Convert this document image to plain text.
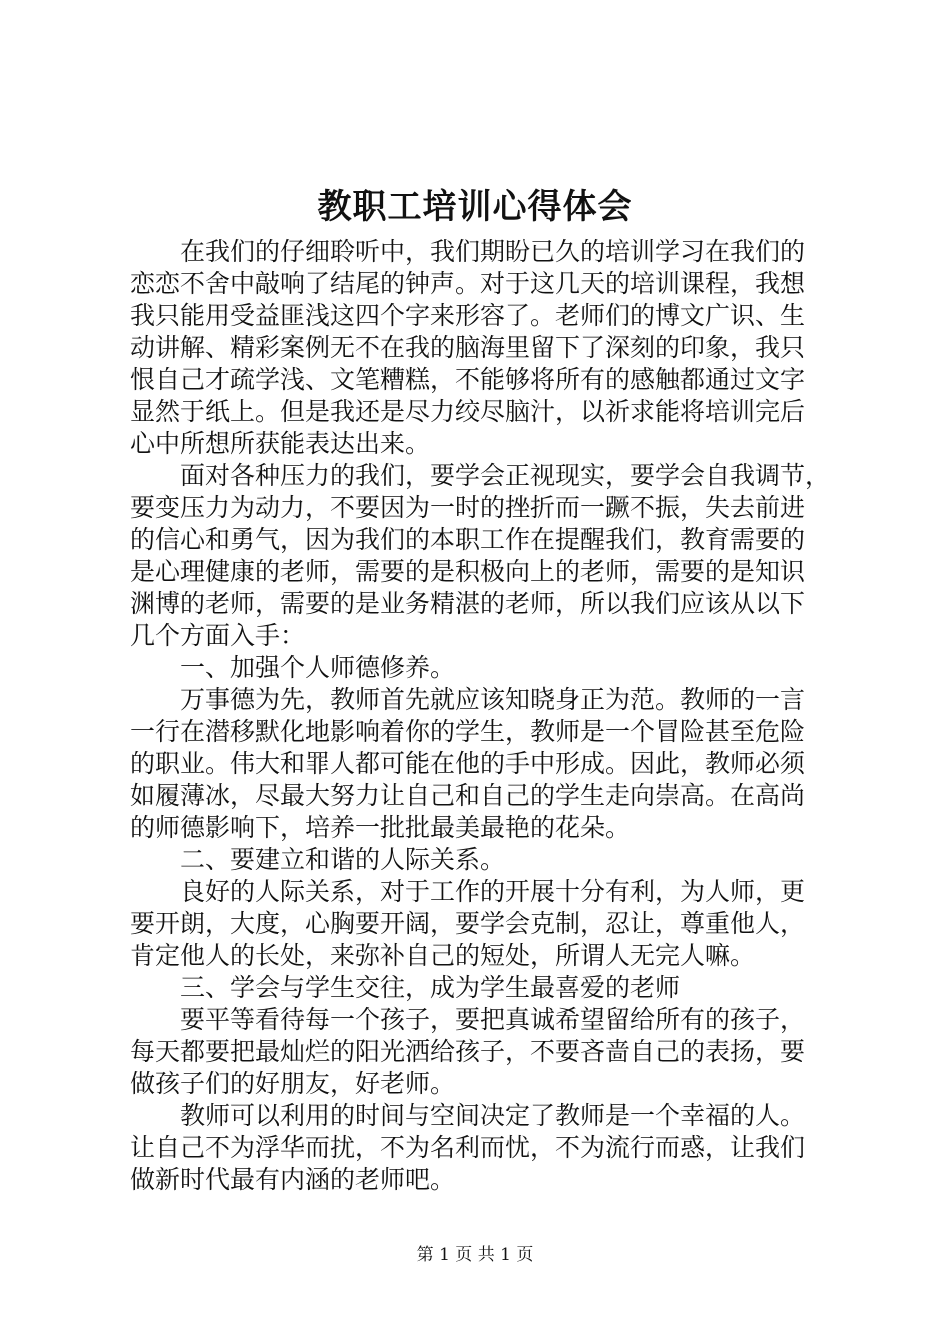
教职工培训心得体会
　　在我们的仔细聆听中，我们期盼已久的培训学习在我们的
恋恋不舍中敲响了结尾的钟声。对于这几天的培训课程，我想
我只能用受益匪浅这四个字来形容了。老师们的博文广识、生
动讲解、精彩案例无不在我的脑海里留下了深刻的印象，我只
恨自己才疏学浅、文笔糟糕，不能够将所有的感触都通过文字
显然于纸上。但是我还是尽力绞尽脑汁，以祈求能将培训完后
心中所想所获能表达出来。
　　面对各种压力的我们，要学会正视现实，要学会自我调节，
要变压力为动力，不要因为一时的挫折而一蹶不振，失去前进
的信心和勇气，因为我们的本职工作在提醒我们，教育需要的
是心理健康的老师，需要的是积极向上的老师，需要的是知识
渊博的老师，需要的是业务精湛的老师，所以我们应该从以下
几个方面入手：
　　一、加强个人师德修养。
　　万事德为先，教师首先就应该知晓身正为范。教师的一言
一行在潜移默化地影响着你的学生，教师是一个冒险甚至危险
的职业。伟大和罪人都可能在他的手中形成。因此，教师必须
如履薄冰，尽最大努力让自己和自己的学生走向崇高。在高尚
的师德影响下，培养一批批最美最艳的花朵。
　　二、要建立和谐的人际关系。
　　良好的人际关系，对于工作的开展十分有利，为人师，更
要开朗，大度，心胸要开阔，要学会克制，忍让，尊重他人，
肯定他人的长处，来弥补自己的短处，所谓人无完人嘛。
　　三、学会与学生交往，成为学生最喜爱的老师
　　要平等看待每一个孩子，要把真诚希望留给所有的孩子，
每天都要把最灿烂的阳光洒给孩子，不要吝啬自己的表扬，要
做孩子们的好朋友，好老师。
　　教师可以利用的时间与空间决定了教师是一个幸福的人。
让自己不为浮华而扰，不为名利而忧，不为流行而惑，让我们
做新时代最有内涵的老师吧。
第 1 页 共 1 页
